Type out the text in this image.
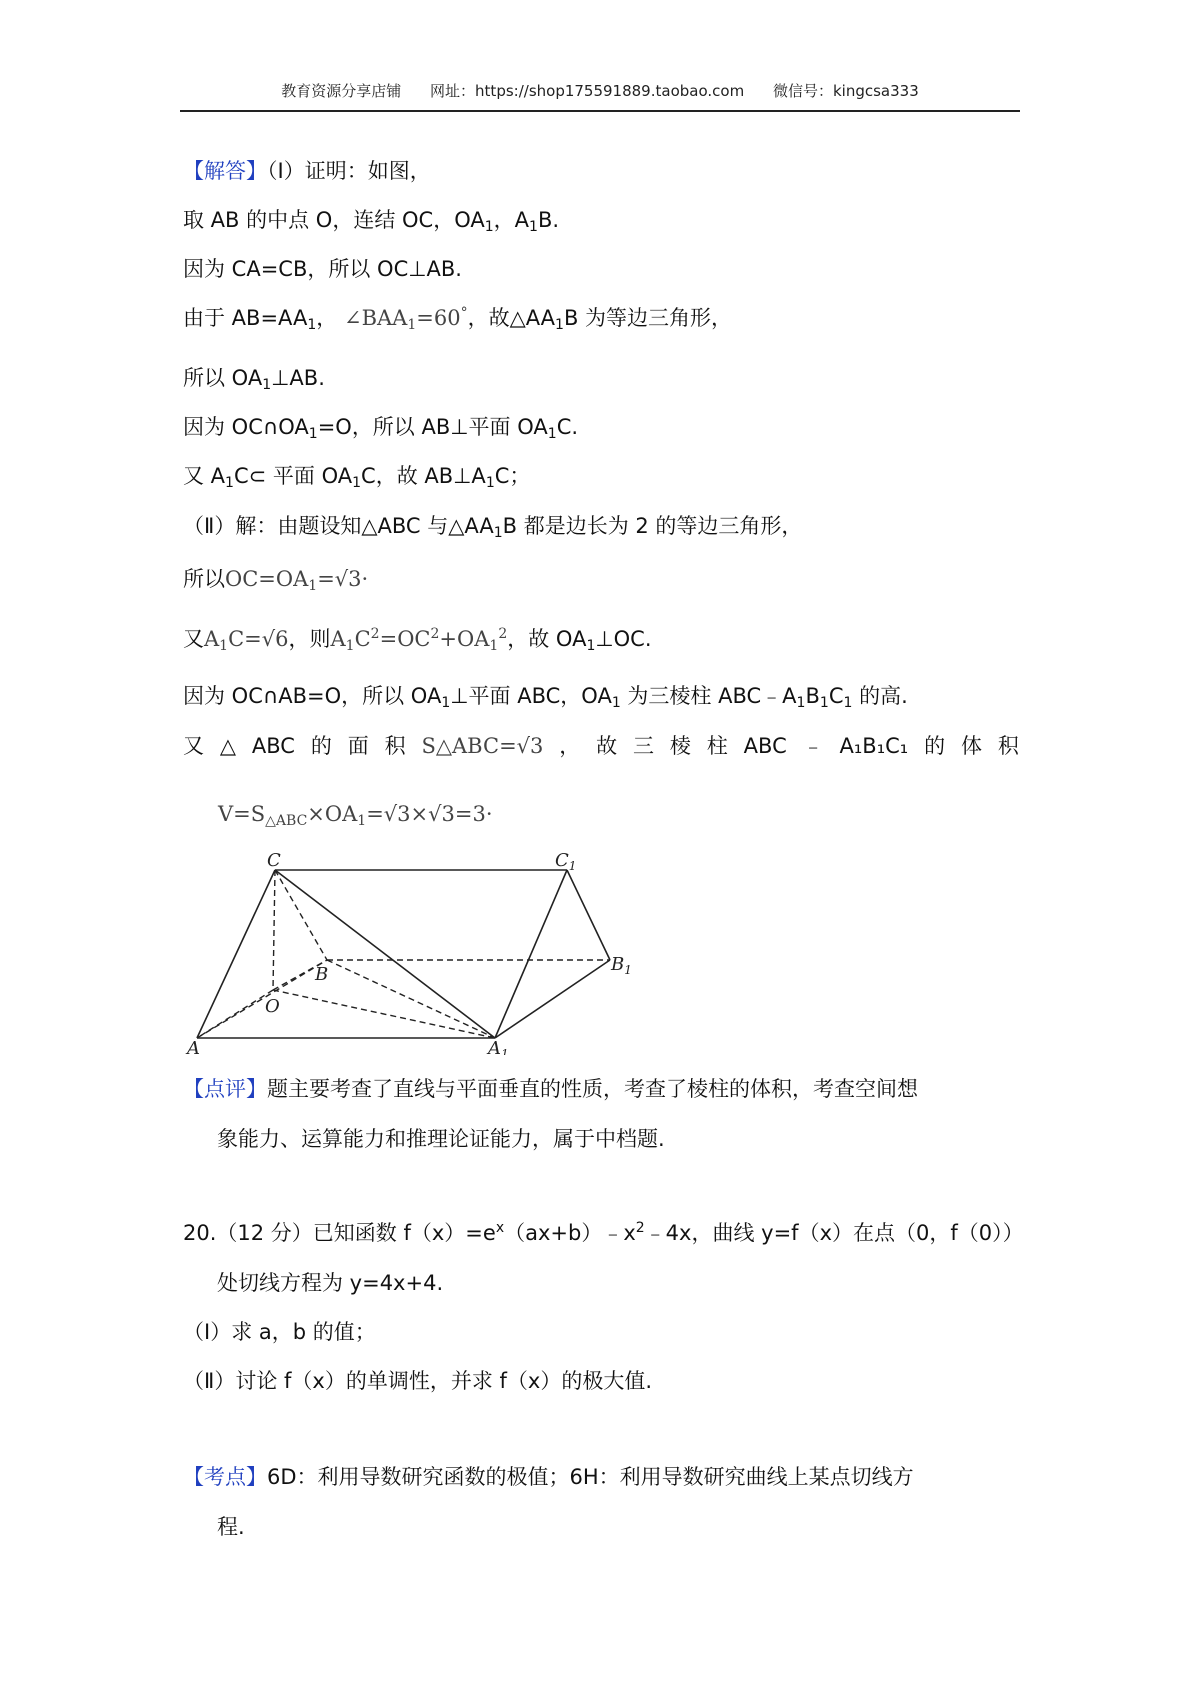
教育资源分享店铺 网址：https://shop175591889.taobao.com 微信号：kingcsa333
【解答】（Ⅰ）证明：如图，
取 AB 的中点 O，连结 OC，$OA_1$，$A_1B$.
因为 CA=CB，所以 OC⊥AB.
由于 $AB=AA_1$， $\angle BAA_1=60^\circ$，故$\triangle AA_1B$ 为等边三角形，
所以 $OA_1\perp AB$.
因为 $OC\cap OA_1=O$，所以 AB⊥平面 $OA_1C$.
又 $A_1C\subset$ 平面 $OA_1C$，故 $AB\perp A_1C$；
（Ⅱ）解：由题设知△ABC 与$\triangle AA_1B$ 都是边长为 2 的等边三角形，
所以$OC=OA_1=√3\cdot$
又$A_1C=√6$，则$A_1C^2=OC^2+OA_1^2$，故 $OA_1\perp OC$.
因为 OC∩AB=O，所以 $OA_1\perp$平面 ABC，$OA_1$ 为三棱柱 $ABC﹣A_1B_1C_1$ 的高.
又 △ ABC 的 面 积 S△ABC=√3 ， 故 三 棱 柱 ABC ﹣ A₁B₁C₁ 的 体 积
$V=S_{\triangle ABC}\times OA_1=√3\times√3=3\cdot$
C	$C_1$
B	$B_1$
O
A	$A_1$
【点评】题主要考查了直线与平面垂直的性质，考查了棱柱的体积，考查空间想
象能力、运算能力和推理论证能力，属于中档题.
20.（12 分）已知函数 $f(x)=e^x(ax+b)﹣x^2﹣4x$，曲线 y=f（x）在点（0，f（0））
处切线方程为 y=4x+4.
（Ⅰ）求 a，b 的值；
（Ⅱ）讨论 f（x）的单调性，并求 f（x）的极大值.
【考点】6D：利用导数研究函数的极值；6H：利用导数研究曲线上某点切线方
程.
